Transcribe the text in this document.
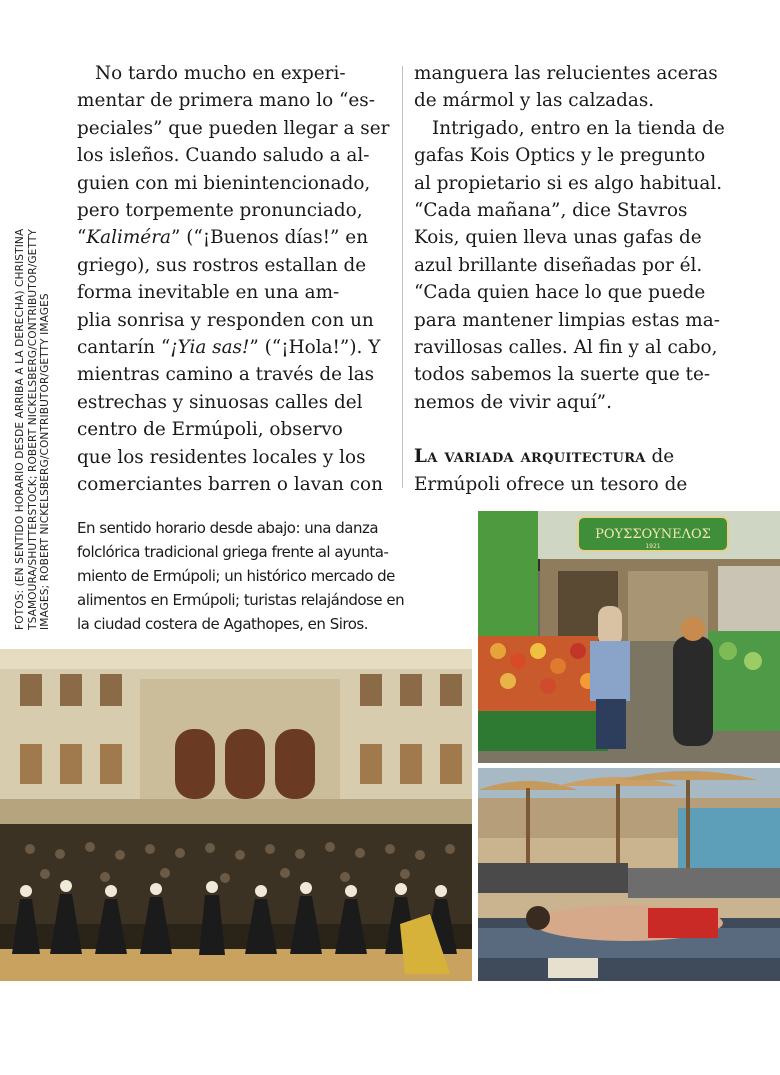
FOTOS: (EN SENTIDO HORARIO DESDE ARRIBA A LA DERECHA) CHRISTINA TSAMOURA/SHUTTERSTOCK; ROBERT NICKELSBERG/CONTRIBUTOR/GETTY IMAGES; ROBERT NICKELSBERG/CONTRIBUTOR/GETTY IMAGES

No tardo mucho en experi-
mentar de primera mano lo “es-
peciales” que pueden llegar a ser
los isleños. Cuando saludo a al-
guien con mi bienintencionado,
pero torpemente pronunciado,
“Kaliméra” (“¡Buenos días!” en
griego), sus rostros estallan de
forma inevitable en una am-
plia sonrisa y responden con un
cantarín “¡Yia sas!” (“¡Hola!”). Y
mientras camino a través de las
estrechas y sinuosas calles del
centro de Ermúpoli, observo
que los residentes locales y los
comerciantes barren o lavan con

manguera las relucientes aceras
de mármol y las calzadas.

Intrigado, entro en la tienda de
gafas Kois Optics y le pregunto
al propietario si es algo habitual.
“Cada mañana”, dice Stavros
Kois, quien lleva unas gafas de
azul brillante diseñadas por él.
“Cada quien hace lo que puede
para mantener limpias estas ma-
ravillosas calles. Al fin y al cabo,
todos sabemos la suerte que te-
nemos de vivir aquí”.

La variada arquitectura de
Ermúpoli ofrece un tesoro de

En sentido horario desde abajo: una danza
folclórica tradicional griega frente al ayunta-
miento de Ermúpoli; un histórico mercado de
alimentos en Ermúpoli; turistas relajándose en
la ciudad costera de Agathopes, en Siros.
ΡΟΥΣΣΟΥΝΕΛΟΣ
1921
